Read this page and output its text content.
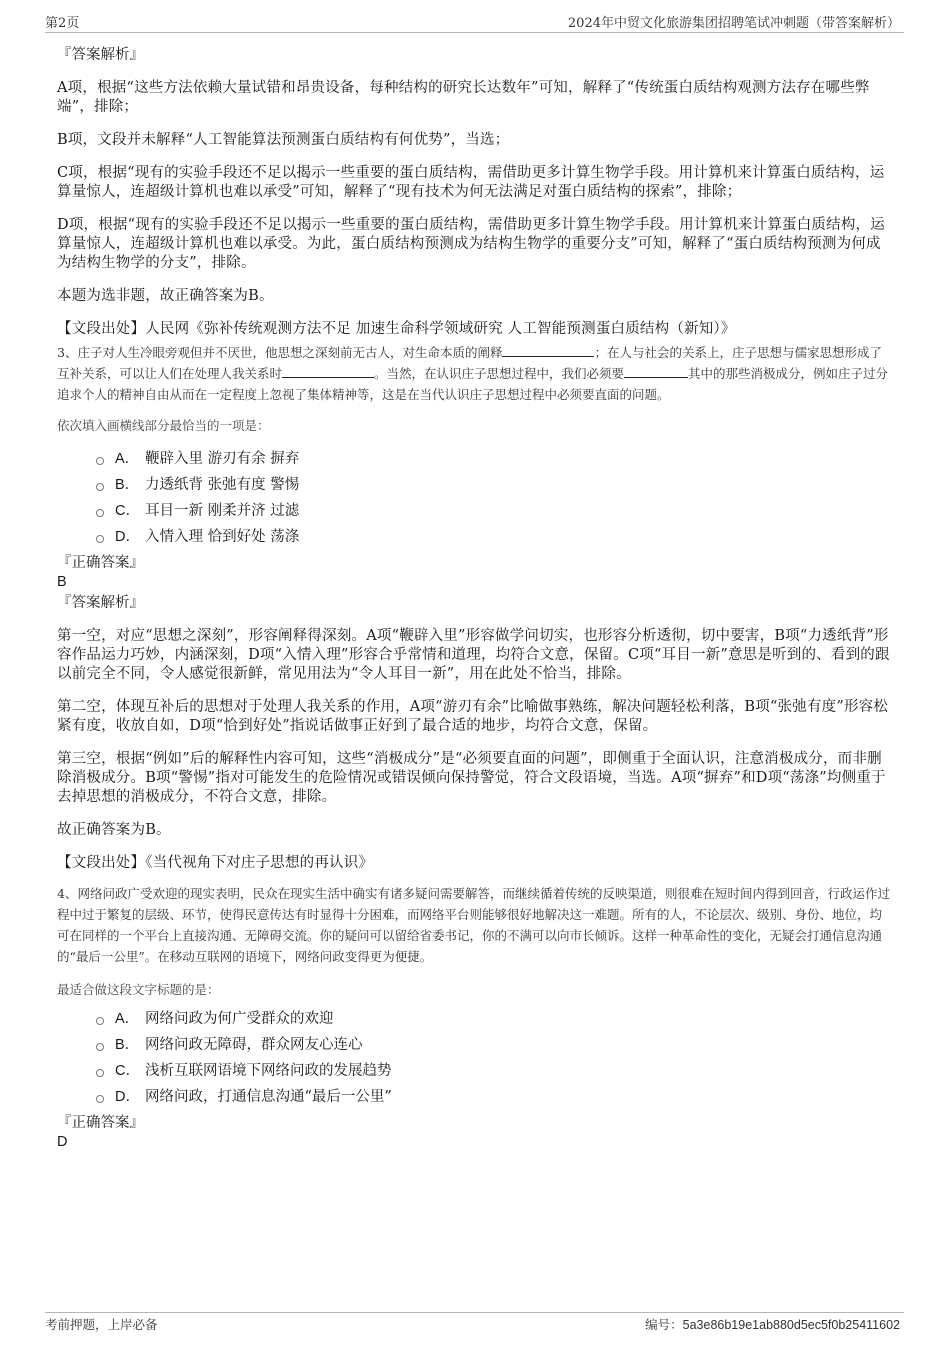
第2页	2024年中贸文化旅游集团招聘笔试冲刺题（带答案解析）

『答案解析』

A项，根据“这些方法依赖大量试错和昂贵设备，每种结构的研究长达数年”可知，解释了“传统蛋白质结构观测方法存在哪些弊端”，排除；

B项，文段并未解释“人工智能算法预测蛋白质结构有何优势”，当选；

C项，根据“现有的实验手段还不足以揭示一些重要的蛋白质结构，需借助更多计算生物学手段。用计算机来计算蛋白质结构，运算量惊人，连超级计算机也难以承受”可知，解释了“现有技术为何无法满足对蛋白质结构的探索”，排除；

D项，根据“现有的实验手段还不足以揭示一些重要的蛋白质结构，需借助更多计算生物学手段。用计算机来计算蛋白质结构，运算量惊人，连超级计算机也难以承受。为此，蛋白质结构预测成为结构生物学的重要分支”可知，解释了“蛋白质结构预测为何成为结构生物学的分支”，排除。

本题为选非题，故正确答案为B。

【文段出处】人民网《弥补传统观测方法不足 加速生命科学领域研究 人工智能预测蛋白质结构（新知）》

3、庄子对人生冷眼旁观但并不厌世，他思想之深刻前无古人，对生命本质的阐释	；在人与社会的关系上，庄子思想与儒家思想形成了互补关系，可以让人们在处理人我关系时	。当然，在认识庄子思想过程中，我们必须要	其中的那些消极成分，例如庄子过分追求个人的精神自由从而在一定程度上忽视了集体精神等，这是在当代认识庄子思想过程中必须要直面的问题。

依次填入画横线部分最恰当的一项是：

A． 鞭辟入里 游刃有余 摒弃
B． 力透纸背 张弛有度 警惕
C． 耳目一新 刚柔并济 过滤
D． 入情入理 恰到好处 荡涤

『正确答案』

B

『答案解析』

第一空，对应“思想之深刻”，形容阐释得深刻。A项“鞭辟入里”形容做学问切实，也形容分析透彻，切中要害，B项“力透纸背”形容作品运力巧妙，内涵深刻，D项“入情入理”形容合乎常情和道理，均符合文意，保留。C项“耳目一新”意思是听到的、看到的跟以前完全不同，令人感觉很新鲜，常见用法为“令人耳目一新”，用在此处不恰当，排除。

第二空，体现互补后的思想对于处理人我关系的作用，A项“游刃有余”比喻做事熟练，解决问题轻松利落，B项“张弛有度”形容松紧有度，收放自如，D项“恰到好处”指说话做事正好到了最合适的地步，均符合文意，保留。

第三空，根据“例如”后的解释性内容可知，这些“消极成分”是“必须要直面的问题”，即侧重于全面认识，注意消极成分，而非删除消极成分。B项“警惕”指对可能发生的危险情况或错误倾向保持警觉，符合文段语境，当选。A项“摒弃”和D项“荡涤”均侧重于去掉思想的消极成分，不符合文意，排除。

故正确答案为B。

【文段出处】《当代视角下对庄子思想的再认识》

4、网络问政广受欢迎的现实表明，民众在现实生活中确实有诸多疑问需要解答，而继续循着传统的反映渠道，则很难在短时间内得到回音，行政运作过程中过于繁复的层级、环节，使得民意传达有时显得十分困难，而网络平台则能够很好地解决这一难题。所有的人，不论层次、级别、身份、地位，均可在同样的一个平台上直接沟通、无障碍交流。你的疑问可以留给省委书记，你的不满可以向市长倾诉。这样一种革命性的变化，无疑会打通信息沟通的“最后一公里”。在移动互联网的语境下，网络问政变得更为便捷。

最适合做这段文字标题的是：

A． 网络问政为何广受群众的欢迎
B． 网络问政无障碍，群众网友心连心
C． 浅析互联网语境下网络问政的发展趋势
D． 网络问政，打通信息沟通“最后一公里”

『正确答案』

D

考前押题，上岸必备	编号：5a3e86b19e1ab880d5ec5f0b25411602
